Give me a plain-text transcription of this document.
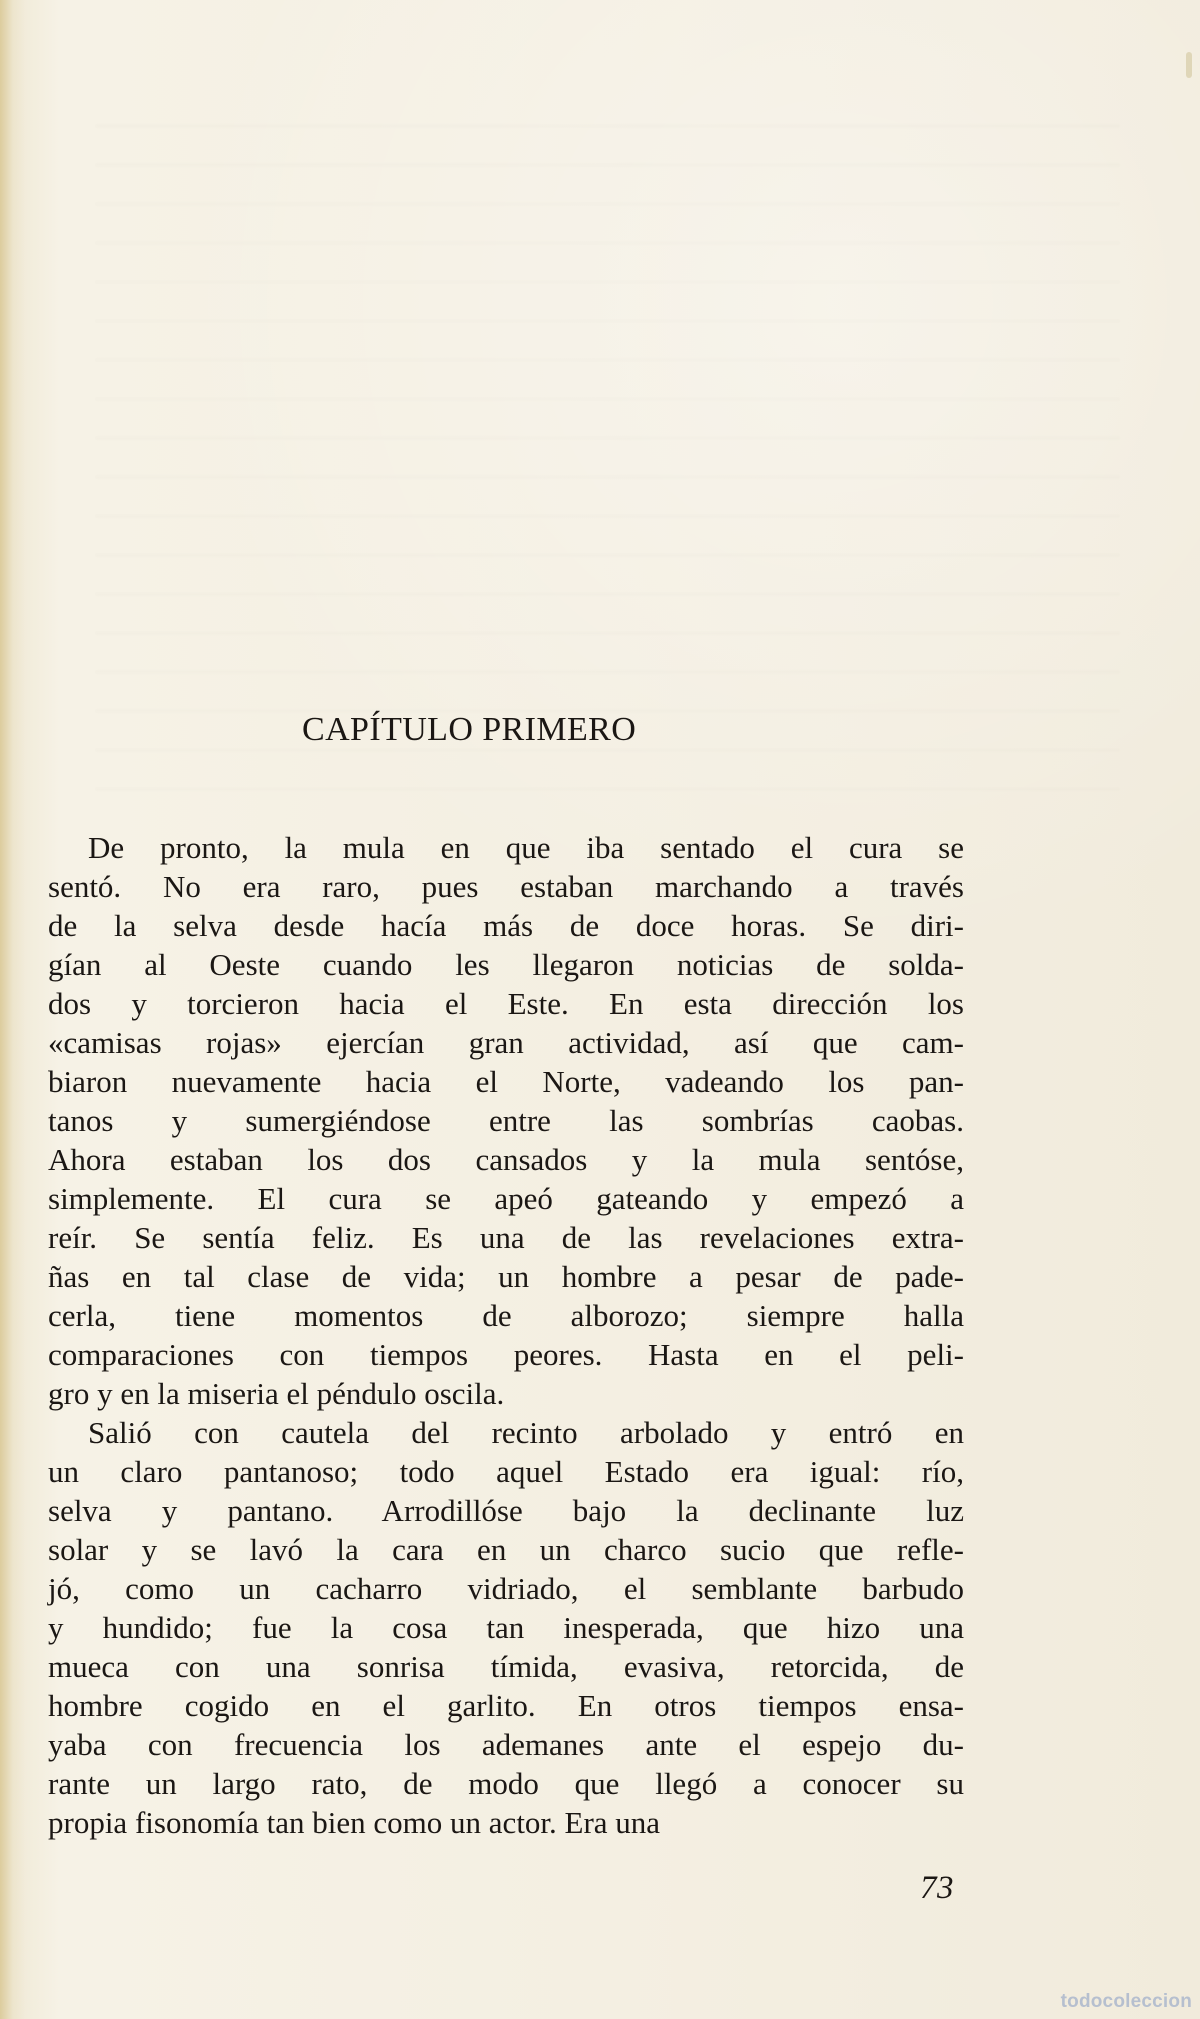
CAPÍTULO PRIMERO
De pronto, la mula en que iba sentado el cura se
sentó. No era raro, pues estaban marchando a través
de la selva desde hacía más de doce horas. Se diri-
gían al Oeste cuando les llegaron noticias de solda-
dos y torcieron hacia el Este. En esta dirección los
«camisas rojas» ejercían gran actividad, así que cam-
biaron nuevamente hacia el Norte, vadeando los pan-
tanos y sumergiéndose entre las sombrías caobas.
Ahora estaban los dos cansados y la mula sentóse,
simplemente. El cura se apeó gateando y empezó a
reír. Se sentía feliz. Es una de las revelaciones extra-
ñas en tal clase de vida; un hombre a pesar de pade-
cerla, tiene momentos de alborozo; siempre halla
comparaciones con tiempos peores. Hasta en el peli-
gro y en la miseria el péndulo oscila.
Salió con cautela del recinto arbolado y entró en
un claro pantanoso; todo aquel Estado era igual: río,
selva y pantano. Arrodillóse bajo la declinante luz
solar y se lavó la cara en un charco sucio que refle-
jó, como un cacharro vidriado, el semblante barbudo
y hundido; fue la cosa tan inesperada, que hizo una
mueca con una sonrisa tímida, evasiva, retorcida, de
hombre cogido en el garlito. En otros tiempos ensa-
yaba con frecuencia los ademanes ante el espejo du-
rante un largo rato, de modo que llegó a conocer su
propia fisonomía tan bien como un actor. Era una

73

todocoleccion
